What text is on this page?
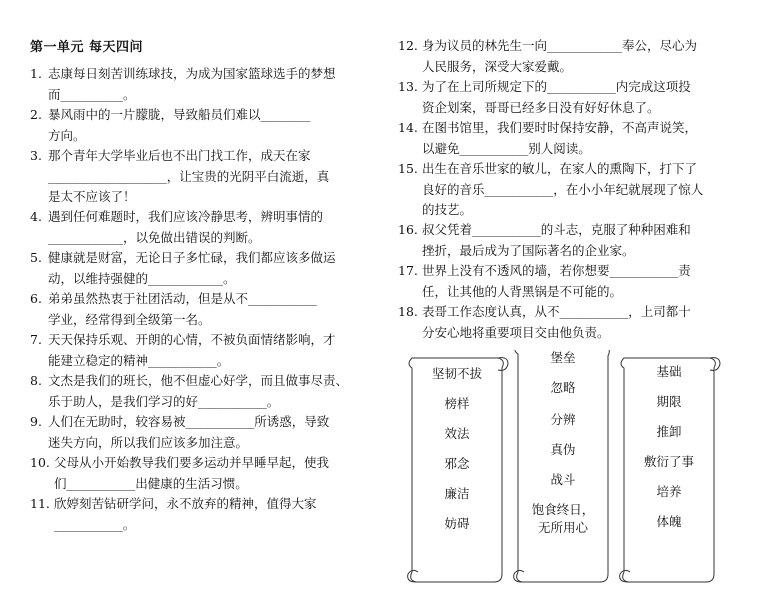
第一单元 每天四问
1. 志康每日刻苦训练球技，为成为国家篮球选手的梦想
而__________。
2. 暴风雨中的一片朦胧，导致船员们难以________
方向。
3. 那个青年大学毕业后也不出门找工作，成天在家
___________________，让宝贵的光阴平白流逝，真
是太不应该了！
4. 遇到任何难题时，我们应该冷静思考，辨明事情的
____________，以免做出错误的判断。
5. 健康就是财富，无论日子多忙碌，我们都应该多做运
动，以维持强健的____________。
6. 弟弟虽然热衷于社团活动，但是从不___________
学业，经常得到全级第一名。
7. 天天保持乐观、开朗的心情，不被负面情绪影响，才
能建立稳定的精神___________。
8. 文杰是我们的班长，他不但虚心好学，而且做事尽责、
乐于助人，是我们学习的好___________。
9. 人们在无助时，较容易被___________所诱惑，导致
迷失方向，所以我们应该多加注意。
10. 父母从小开始教导我们要多运动并早睡早起，使我
们___________出健康的生活习惯。
11. 欣婷刻苦钻研学问，永不放弃的精神，值得大家
___________。
12. 身为议员的林先生一向____________奉公，尽心为
人民服务，深受大家爱戴。
13. 为了在上司所规定下的___________内完成这项投
资企划案，哥哥已经多日没有好好休息了。
14. 在图书馆里，我们要时时保持安静，不高声说笑，
以避免___________别人阅读。
15. 出生在音乐世家的敏儿，在家人的熏陶下，打下了
良好的音乐___________，在小小年纪就展现了惊人
的技艺。
16. 叔父凭着___________的斗志，克服了种种困难和
挫折，最后成为了国际著名的企业家。
17. 世界上没有不透风的墙，若你想要___________责
任，让其他的人背黑锅是不可能的。
18. 表哥工作态度认真，从不___________，上司都十
分安心地将重要项目交由他负责。
坚韧不拔
榜样
效法
邪念
廉洁
妨碍
堡垒
忽略
分辨
真伪
战斗
饱食终日，
无所用心
基础
期限
推卸
敷衍了事
培养
体魄
